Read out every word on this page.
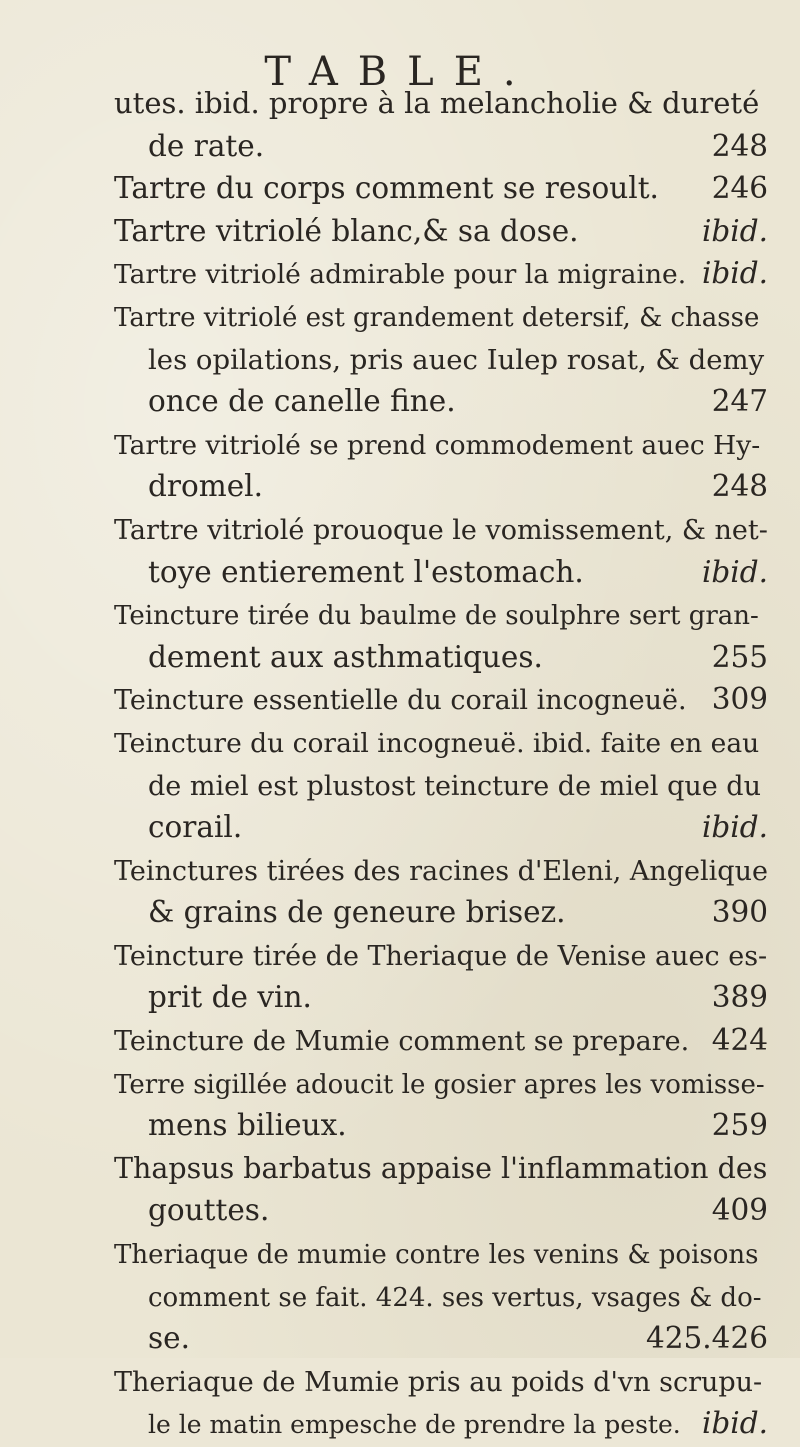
TABLE.
utes. ibid. propre à la melancholie & dureté
de rate.	248
Tartre du corps comment se resoult. 246
Tartre vitriolé blanc,& sa dose.	ibid.
Tartre vitriolé admirable pour la migraine. ibid.
Tartre vitriolé est grandement detersif, & chasse
les opilations, pris auec Iulep rosat, & demy
once de canelle fine.	247
Tartre vitriolé se prend commodement auec Hy-
dromel.	248
Tartre vitriolé prouoque le vomissement, & net-
toye entierement l'estomach.	ibid.
Teincture tirée du baulme de soulphre sert gran-
dement aux asthmatiques.	255
Teincture essentielle du corail incogneuë. 309
Teincture du corail incogneuë. ibid. faite en eau
de miel est plustost teincture de miel que du
corail.	ibid.
Teinctures tirées des racines d'Eleni, Angelique
& grains de geneure brisez.	390
Teincture tirée de Theriaque de Venise auec es-
prit de vin.	389
Teincture de Mumie comment se prepare. 424
Terre sigillée adoucit le gosier apres les vomisse-
mens bilieux.	259
Thapsus barbatus appaise l'inflammation des
gouttes.	409
Theriaque de mumie contre les venins & poisons
comment se fait. 424. ses vertus, vsages & do-
se.	425.426
Theriaque de Mumie pris au poids d'vn scrupu-
le le matin empesche de prendre la peste. ibid.
